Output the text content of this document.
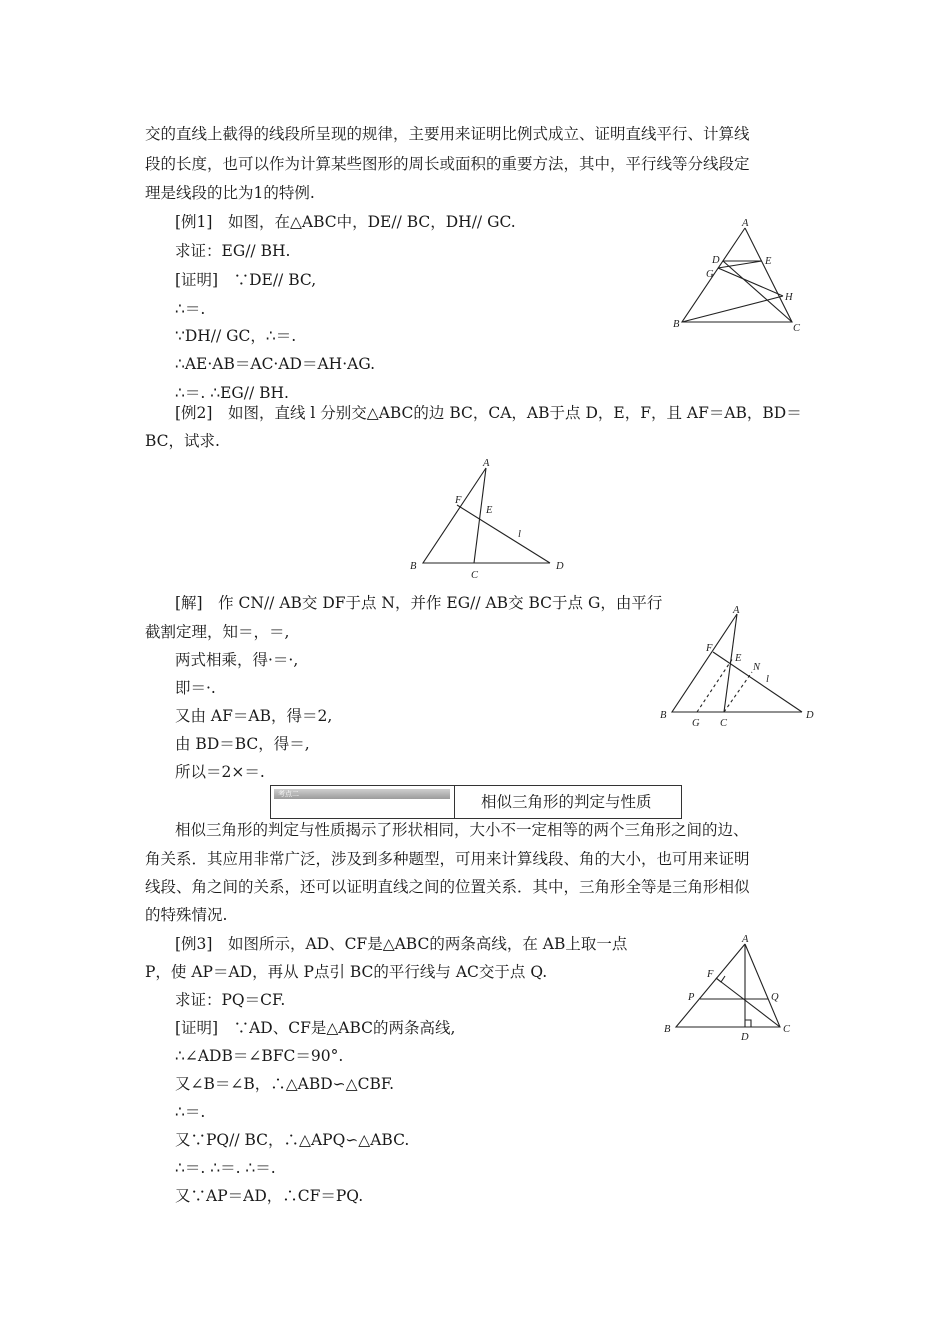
交的直线上截得的线段所呈现的规律，主要用来证明比例式成立、证明直线平行、计算线
段的长度，也可以作为计算某些图形的周长或面积的重要方法，其中，平行线等分线段定
理是线段的比为1的特例.
[例1]　如图，在△ABC中，DE// BC，DH// GC.
求证：EG// BH.
[证明]　∵DE// BC,
∴＝.
∵DH// GC，∴＝.
∴AE·AB＝AC·AD＝AH·AG.
∴＝. ∴EG// BH.
A
D	E
G
H
B	C
[例2]　如图，直线 l 分别交△ABC的边 BC，CA，AB于点 D，E，F，且 AF＝AB，BD＝
BC，试求.
A
F
E
l
B
C
D
[解]　作 CN// AB交 DF于点 N，并作 EG// AB交 BC于点 G，由平行
截割定理，知＝，＝,
两式相乘，得·＝·,
即＝·.
又由 AF＝AB，得＝2,
由 BD＝BC，得＝,
所以＝2×＝.
A
F
E
N
l
B
G C
D
考点二	相似三角形的判定与性质
相似三角形的判定与性质揭示了形状相同，大小不一定相等的两个三角形之间的边、
角关系．其应用非常广泛，涉及到多种题型，可用来计算线段、角的大小，也可用来证明
线段、角之间的关系，还可以证明直线之间的位置关系．其中，三角形全等是三角形相似
的特殊情况.
[例3]　如图所示，AD、CF是△ABC的两条高线，在 AB上取一点
P，使 AP＝AD，再从 P点引 BC的平行线与 AC交于点 Q.
求证：PQ＝CF.
[证明]　∵AD、CF是△ABC的两条高线,
∴∠ADB＝∠BFC＝90°.
又∠B＝∠B，∴△ABD∽△CBF.
∴＝.
又∵PQ// BC，∴△APQ∽△ABC.
∴＝. ∴＝. ∴＝.
又∵AP＝AD，∴CF＝PQ.
A
F
P	Q
B
D
C
